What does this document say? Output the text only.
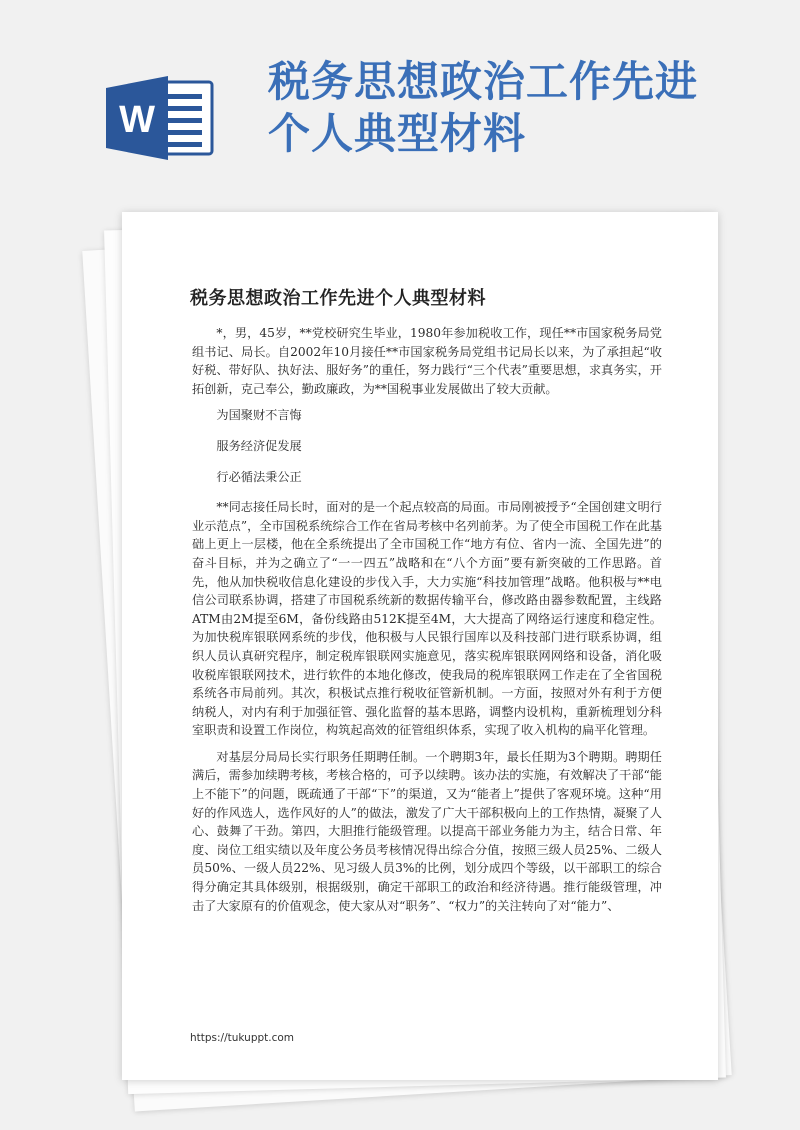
W
税务思想政治工作先进个人典型材料
税务思想政治工作先进个人典型材料

*，男，45岁，**党校研究生毕业，1980年参加税收工作，现任**市国家税务局党组书记、局长。自2002年10月接任**市国家税务局党组书记局长以来，为了承担起“收好税、带好队、执好法、服好务”的重任，努力践行“三个代表”重要思想，求真务实，开拓创新，克己奉公，勤政廉政，为**国税事业发展做出了较大贡献。

为国聚财不言悔

服务经济促发展

行必循法秉公正

**同志接任局长时，面对的是一个起点较高的局面。市局刚被授予“全国创建文明行业示范点”，全市国税系统综合工作在省局考核中名列前茅。为了使全市国税工作在此基础上更上一层楼，他在全系统提出了全市国税工作“地方有位、省内一流、全国先进”的奋斗目标，并为之确立了“一一四五”战略和在“八个方面”要有新突破的工作思路。首先，他从加快税收信息化建设的步伐入手，大力实施“科技加管理”战略。他积极与**电信公司联系协调，搭建了市国税系统新的数据传输平台，修改路由器参数配置，主线路ATM由2M提至6M，备份线路由512K提至4M，大大提高了网络运行速度和稳定性。为加快税库银联网系统的步伐，他积极与人民银行国库以及科技部门进行联系协调，组织人员认真研究程序，制定税库银联网实施意见，落实税库银联网网络和设备，消化吸收税库银联网技术，进行软件的本地化修改，使我局的税库银联网工作走在了全省国税系统各市局前列。其次，积极试点推行税收征管新机制。一方面，按照对外有利于方便纳税人，对内有利于加强征管、强化监督的基本思路，调整内设机构，重新梳理划分科室职责和设置工作岗位，构筑起高效的征管组织体系，实现了收入机构的扁平化管理。

对基层分局局长实行职务任期聘任制。一个聘期3年，最长任期为3个聘期。聘期任满后，需参加续聘考核，考核合格的，可予以续聘。该办法的实施，有效解决了干部“能上不能下”的问题，既疏通了干部“下”的渠道，又为“能者上”提供了客观环境。这种“用好的作风选人，选作风好的人”的做法，激发了广大干部积极向上的工作热情，凝聚了人心、鼓舞了干劲。第四，大胆推行能级管理。以提高干部业务能力为主，结合日常、年度、岗位工组实绩以及年度公务员考核情况得出综合分值，按照三级人员25%、二级人员50%、一级人员22%、见习级人员3%的比例，划分成四个等级，以干部职工的综合得分确定其具体级别，根据级别，确定干部职工的政治和经济待遇。推行能级管理，冲击了大家原有的价值观念，使大家从对“职务”、“权力”的关注转向了对“能力”、

https://tukuppt.com
